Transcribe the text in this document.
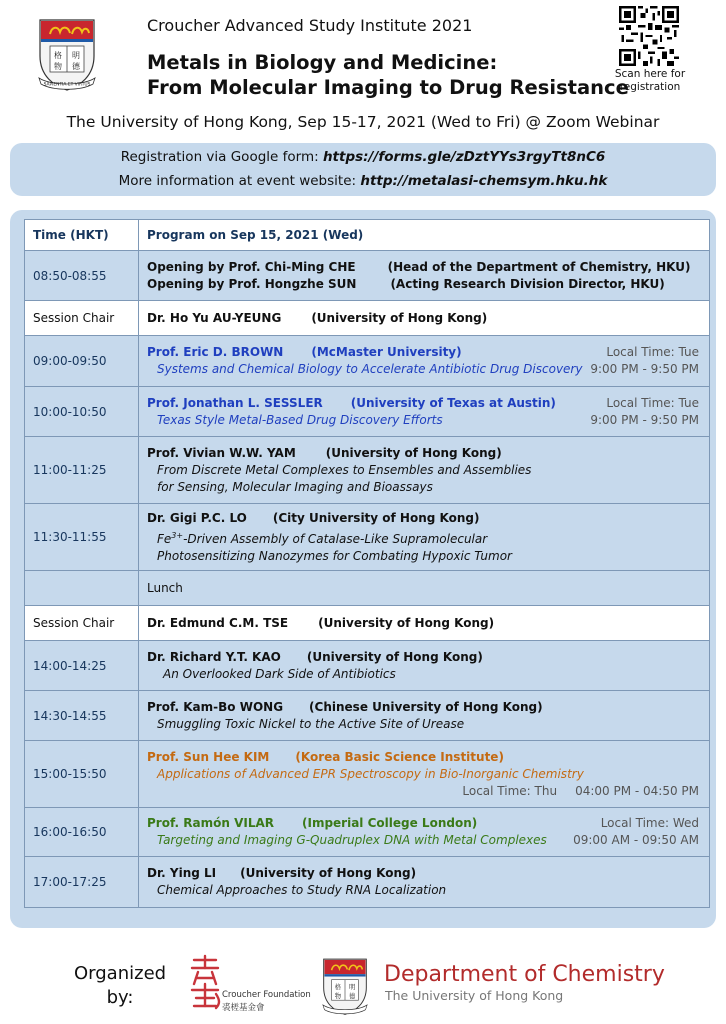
格 明
物 德
SAPIENTIA ET VIRTUS
Croucher Advanced Study Institute 2021
Metals in Biology and Medicine:
From Molecular Imaging to Drug Resistance
Scan here for
registration
The University of Hong Kong, Sep 15-17, 2021 (Wed to Fri) @ Zoom Webinar
Registration via Google form: https://forms.gle/zDztYYs3rgyTt8nC6
More information at event website: http://metalasi-chemsym.hku.hk
Time (HKT)	Program on Sep 15, 2021 (Wed)
08:50-08:55	Opening by Prof. Chi-Ming CHE (Head of the Department of Chemistry, HKU)
Opening by Prof. Hongzhe SUN (Acting Research Division Director, HKU)

Session Chair	Dr. Ho Yu AU-YEUNG (University of Hong Kong)

09:00-09:50	Prof. Eric D. BROWN (McMaster University)
Systems and Chemical Biology to Accelerate Antibiotic Drug Discovery
Local Time: Tue
9:00 PM - 9:50 PM

10:00-10:50	Prof. Jonathan L. SESSLER (University of Texas at Austin)
Texas Style Metal-Based Drug Discovery Efforts
Local Time: Tue
9:00 PM - 9:50 PM

11:00-11:25	Prof. Vivian W.W. YAM (University of Hong Kong)
From Discrete Metal Complexes to Ensembles and Assemblies
for Sensing, Molecular Imaging and Bioassays

11:30-11:55	Dr. Gigi P.C. LO (City University of Hong Kong)
$Fe^{3+}$-Driven Assembly of Catalase-Like Supramolecular
Photosensitizing Nanozymes for Combating Hypoxic Tumor

	Lunch
Session Chair	Dr. Edmund C.M. TSE (University of Hong Kong)

14:00-14:25	Dr. Richard Y.T. KAO (University of Hong Kong)
An Overlooked Dark Side of Antibiotics

14:30-14:55	Prof. Kam-Bo WONG (Chinese University of Hong Kong)
Smuggling Toxic Nickel to the Active Site of Urease

15:00-15:50	Prof. Sun Hee KIM (Korea Basic Science Institute)
Applications of Advanced EPR Spectroscopy in Bio-Inorganic Chemistry
Local Time: Thu 04:00 PM - 04:50 PM

16:00-16:50	Prof. Ramón VILAR (Imperial College London)
Targeting and Imaging G-Quadruplex DNA with Metal Complexes
Local Time: Wed
09:00 AM - 09:50 AM

17:00-17:25	Dr. Ying LI (University of Hong Kong)
Chemical Approaches to Study RNA Localization
Organized
by:	Croucher Foundation
裘槎基金會
格 明
物 德
Department of Chemistry
The University of Hong Kong
